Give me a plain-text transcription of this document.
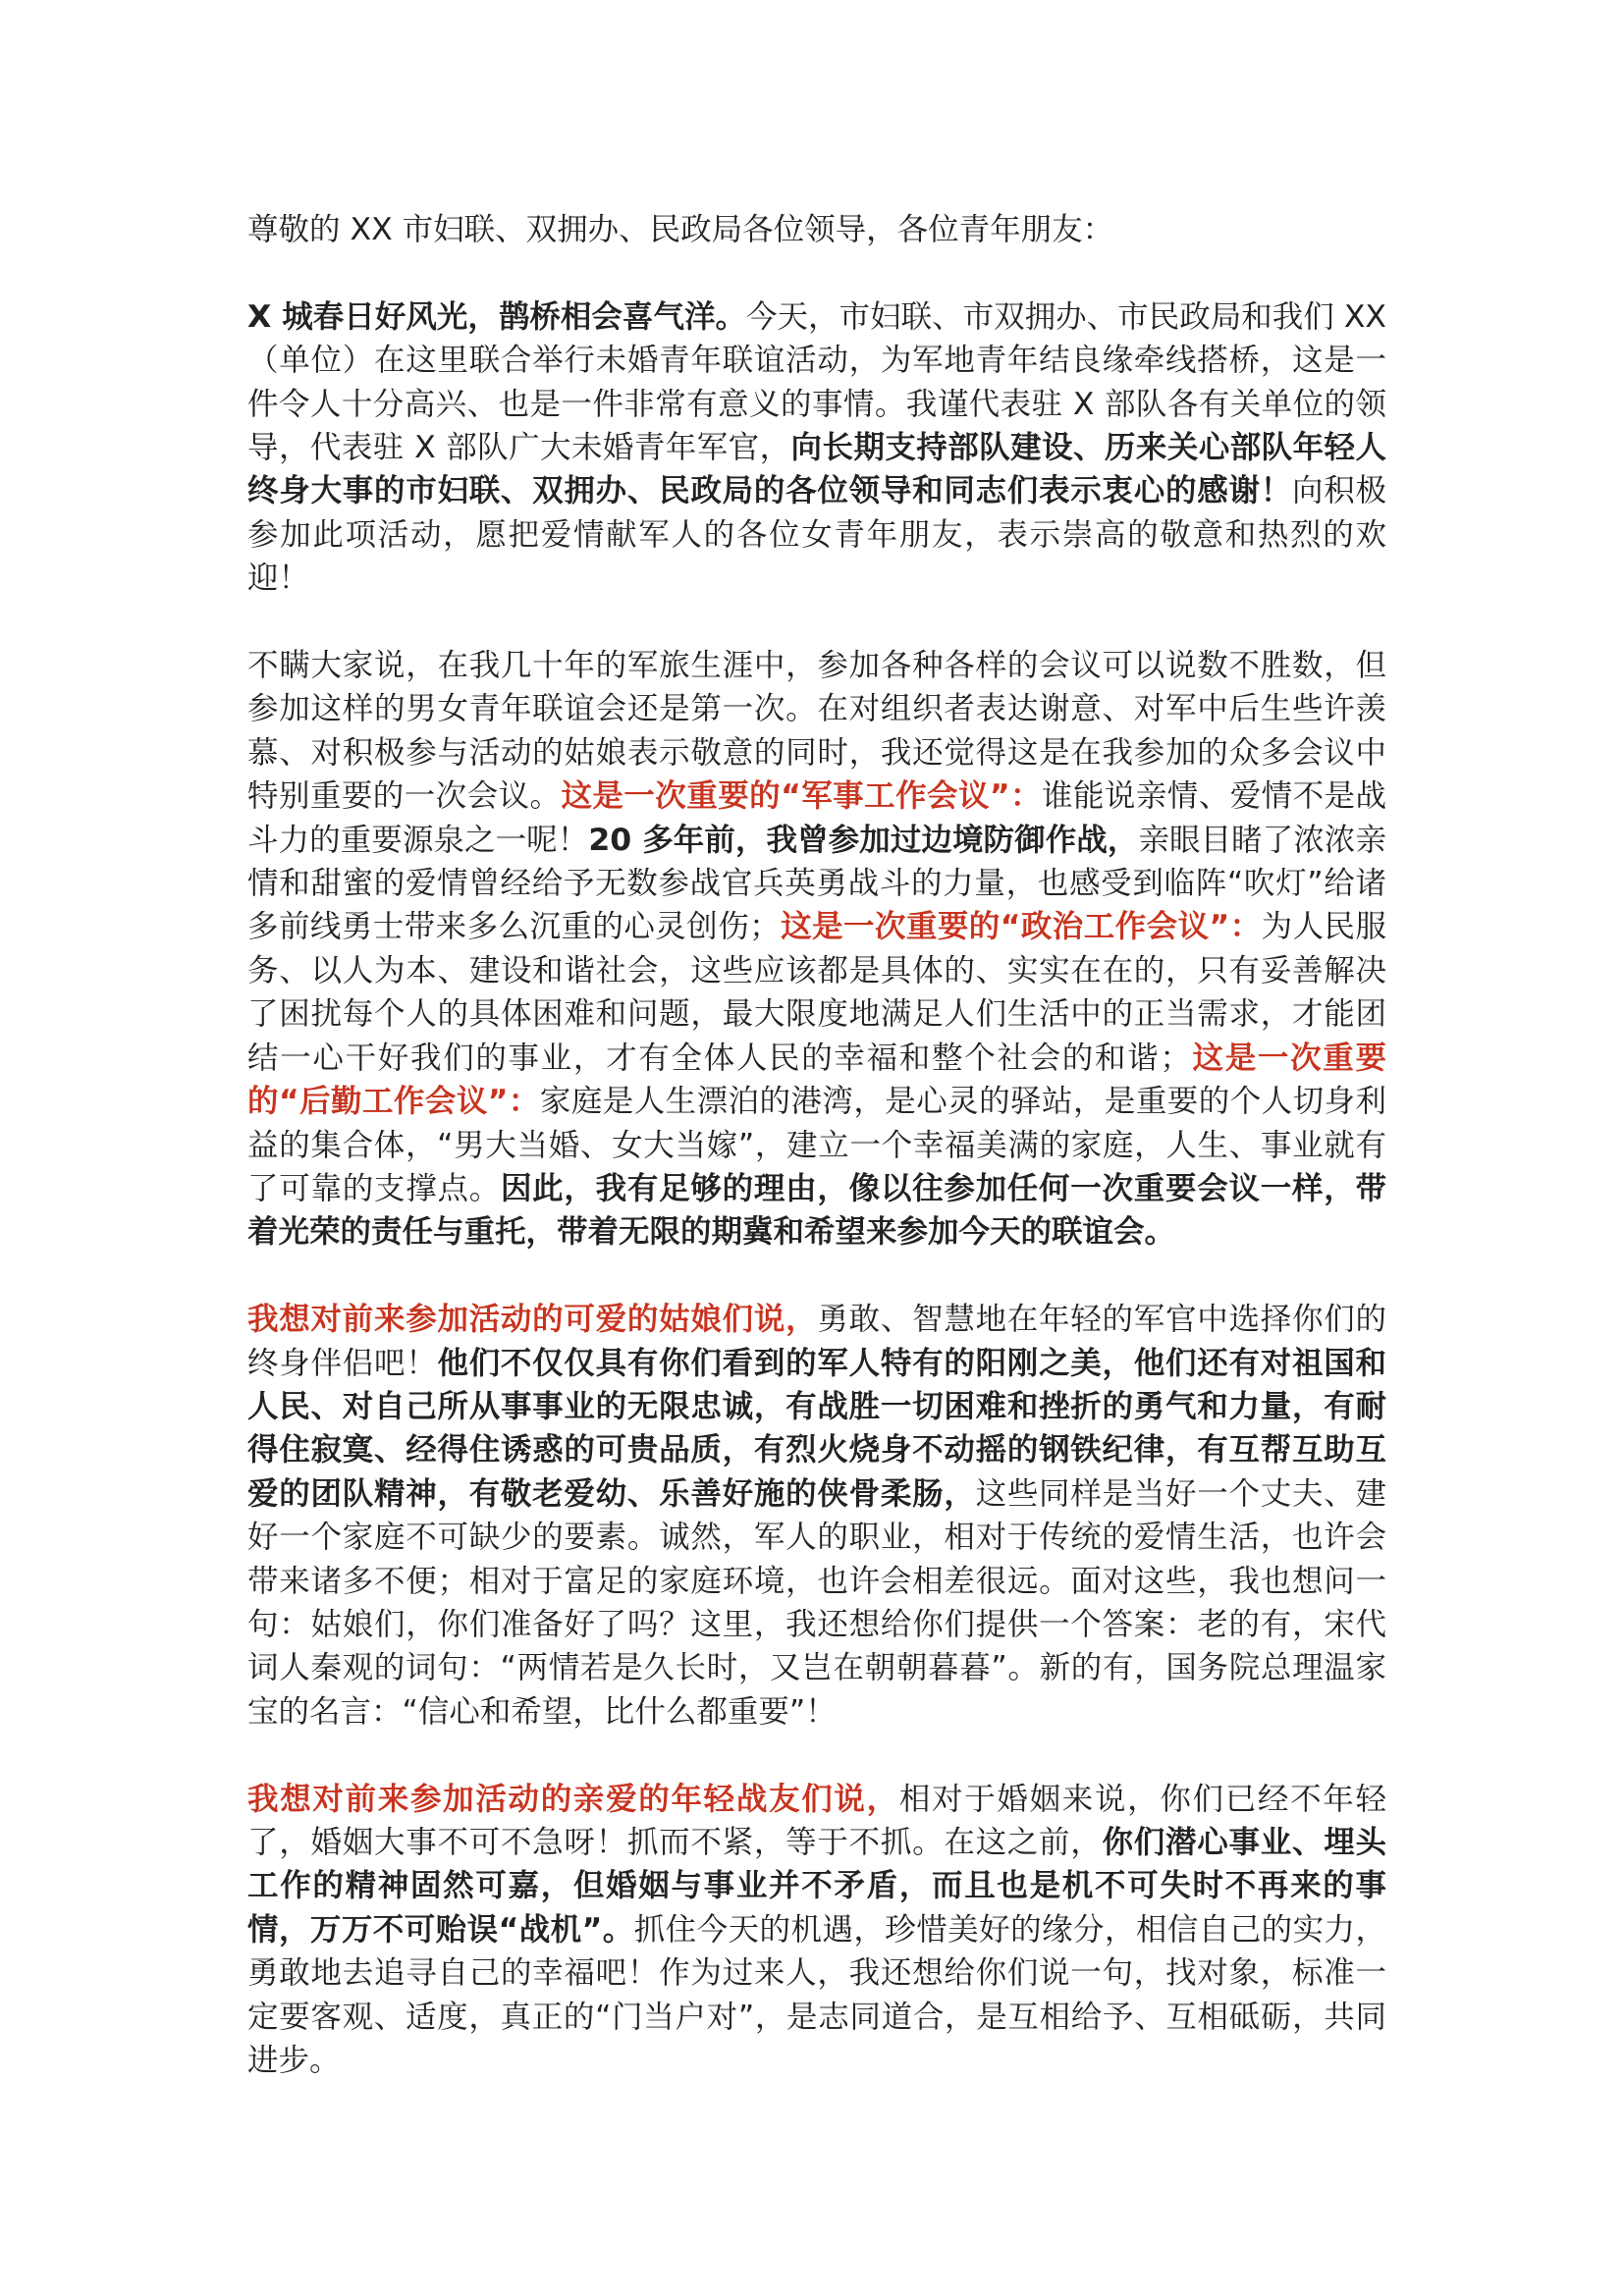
尊敬的 XX 市妇联、双拥办、民政局各位领导，各位青年朋友：

X 城春日好风光，鹊桥相会喜气洋。今天，市妇联、市双拥办、市民政局和我们 XX（单位）在这里联合举行未婚青年联谊活动，为军地青年结良缘牵线搭桥，这是一件令人十分高兴、也是一件非常有意义的事情。我谨代表驻 X 部队各有关单位的领导，代表驻 X 部队广大未婚青年军官，向长期支持部队建设、历来关心部队年轻人终身大事的市妇联、双拥办、民政局的各位领导和同志们表示衷心的感谢！向积极参加此项活动，愿把爱情献军人的各位女青年朋友，表示崇高的敬意和热烈的欢迎！

不瞒大家说，在我几十年的军旅生涯中，参加各种各样的会议可以说数不胜数，但参加这样的男女青年联谊会还是第一次。在对组织者表达谢意、对军中后生些许羡慕、对积极参与活动的姑娘表示敬意的同时，我还觉得这是在我参加的众多会议中特别重要的一次会议。这是一次重要的“军事工作会议”：谁能说亲情、爱情不是战斗力的重要源泉之一呢！20 多年前，我曾参加过边境防御作战，亲眼目睹了浓浓亲情和甜蜜的爱情曾经给予无数参战官兵英勇战斗的力量，也感受到临阵“吹灯”给诸多前线勇士带来多么沉重的心灵创伤；这是一次重要的“政治工作会议”：为人民服务、以人为本、建设和谐社会，这些应该都是具体的、实实在在的，只有妥善解决了困扰每个人的具体困难和问题，最大限度地满足人们生活中的正当需求，才能团结一心干好我们的事业，才有全体人民的幸福和整个社会的和谐；这是一次重要的“后勤工作会议”：家庭是人生漂泊的港湾，是心灵的驿站，是重要的个人切身利益的集合体，“男大当婚、女大当嫁”，建立一个幸福美满的家庭，人生、事业就有了可靠的支撑点。因此，我有足够的理由，像以往参加任何一次重要会议一样，带着光荣的责任与重托，带着无限的期冀和希望来参加今天的联谊会。

我想对前来参加活动的可爱的姑娘们说，勇敢、智慧地在年轻的军官中选择你们的终身伴侣吧！他们不仅仅具有你们看到的军人特有的阳刚之美，他们还有对祖国和人民、对自己所从事事业的无限忠诚，有战胜一切困难和挫折的勇气和力量，有耐得住寂寞、经得住诱惑的可贵品质，有烈火烧身不动摇的钢铁纪律，有互帮互助互爱的团队精神，有敬老爱幼、乐善好施的侠骨柔肠，这些同样是当好一个丈夫、建好一个家庭不可缺少的要素。诚然，军人的职业，相对于传统的爱情生活，也许会带来诸多不便；相对于富足的家庭环境，也许会相差很远。面对这些，我也想问一句：姑娘们，你们准备好了吗？这里，我还想给你们提供一个答案：老的有，宋代词人秦观的词句：“两情若是久长时，又岂在朝朝暮暮”。新的有，国务院总理温家宝的名言：“信心和希望，比什么都重要”！

我想对前来参加活动的亲爱的年轻战友们说，相对于婚姻来说，你们已经不年轻了，婚姻大事不可不急呀！抓而不紧，等于不抓。在这之前，你们潜心事业、埋头工作的精神固然可嘉，但婚姻与事业并不矛盾，而且也是机不可失时不再来的事情，万万不可贻误“战机”。抓住今天的机遇，珍惜美好的缘分，相信自己的实力，勇敢地去追寻自己的幸福吧！作为过来人，我还想给你们说一句，找对象，标准一定要客观、适度，真正的“门当户对”，是志同道合，是互相给予、互相砥砺，共同进步。
